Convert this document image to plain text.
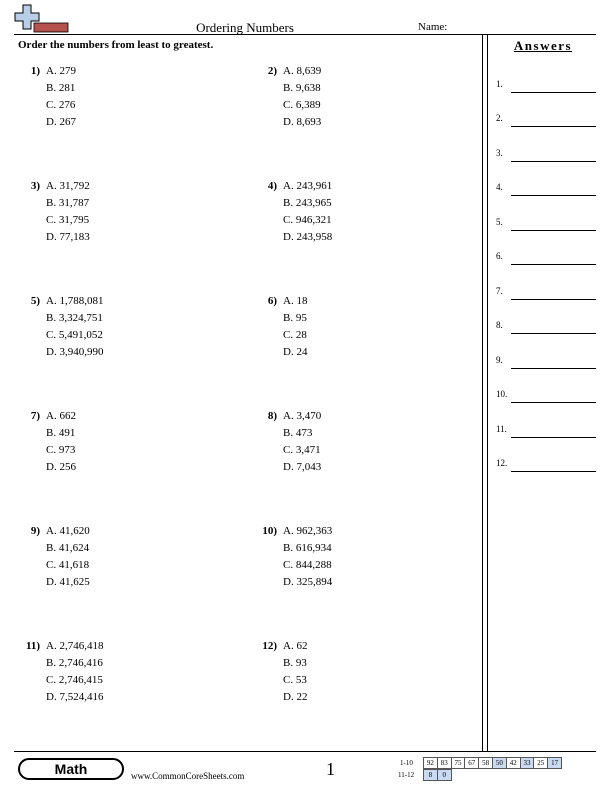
Ordering Numbers	Name:
Order the numbers from least to greatest.	Answers
1.
2.
3.
4.
5.
6.
7.
8.
9.
10.
11.
12.
1) A. 279
B. 281
C. 276
D. 267
2) A. 8,639
B. 9,638
C. 6,389
D. 8,693
3) A. 31,792
B. 31,787
C. 31,795
D. 77,183
4) A. 243,961
B. 243,965
C. 946,321
D. 243,958
5) A. 1,788,081
B. 3,324,751
C. 5,491,052
D. 3,940,990
6) A. 18
B. 95
C. 28
D. 24
7) A. 662
B. 491
C. 973
D. 256
8) A. 3,470
B. 473
C. 3,471
D. 7,043
9) A. 41,620
B. 41,624
C. 41,618
D. 41,625
10) A. 962,363
B. 616,934
C. 844,288
D. 325,894
11) A. 2,746,418
B. 2,746,416
C. 2,746,415
D. 7,524,416
12) A. 62
B. 93
C. 53
D. 22
Math	www.CommonCoreSheets.com	1	1-10	92 83 75 67 58 50 42 33 25 17
11-12	8	0
